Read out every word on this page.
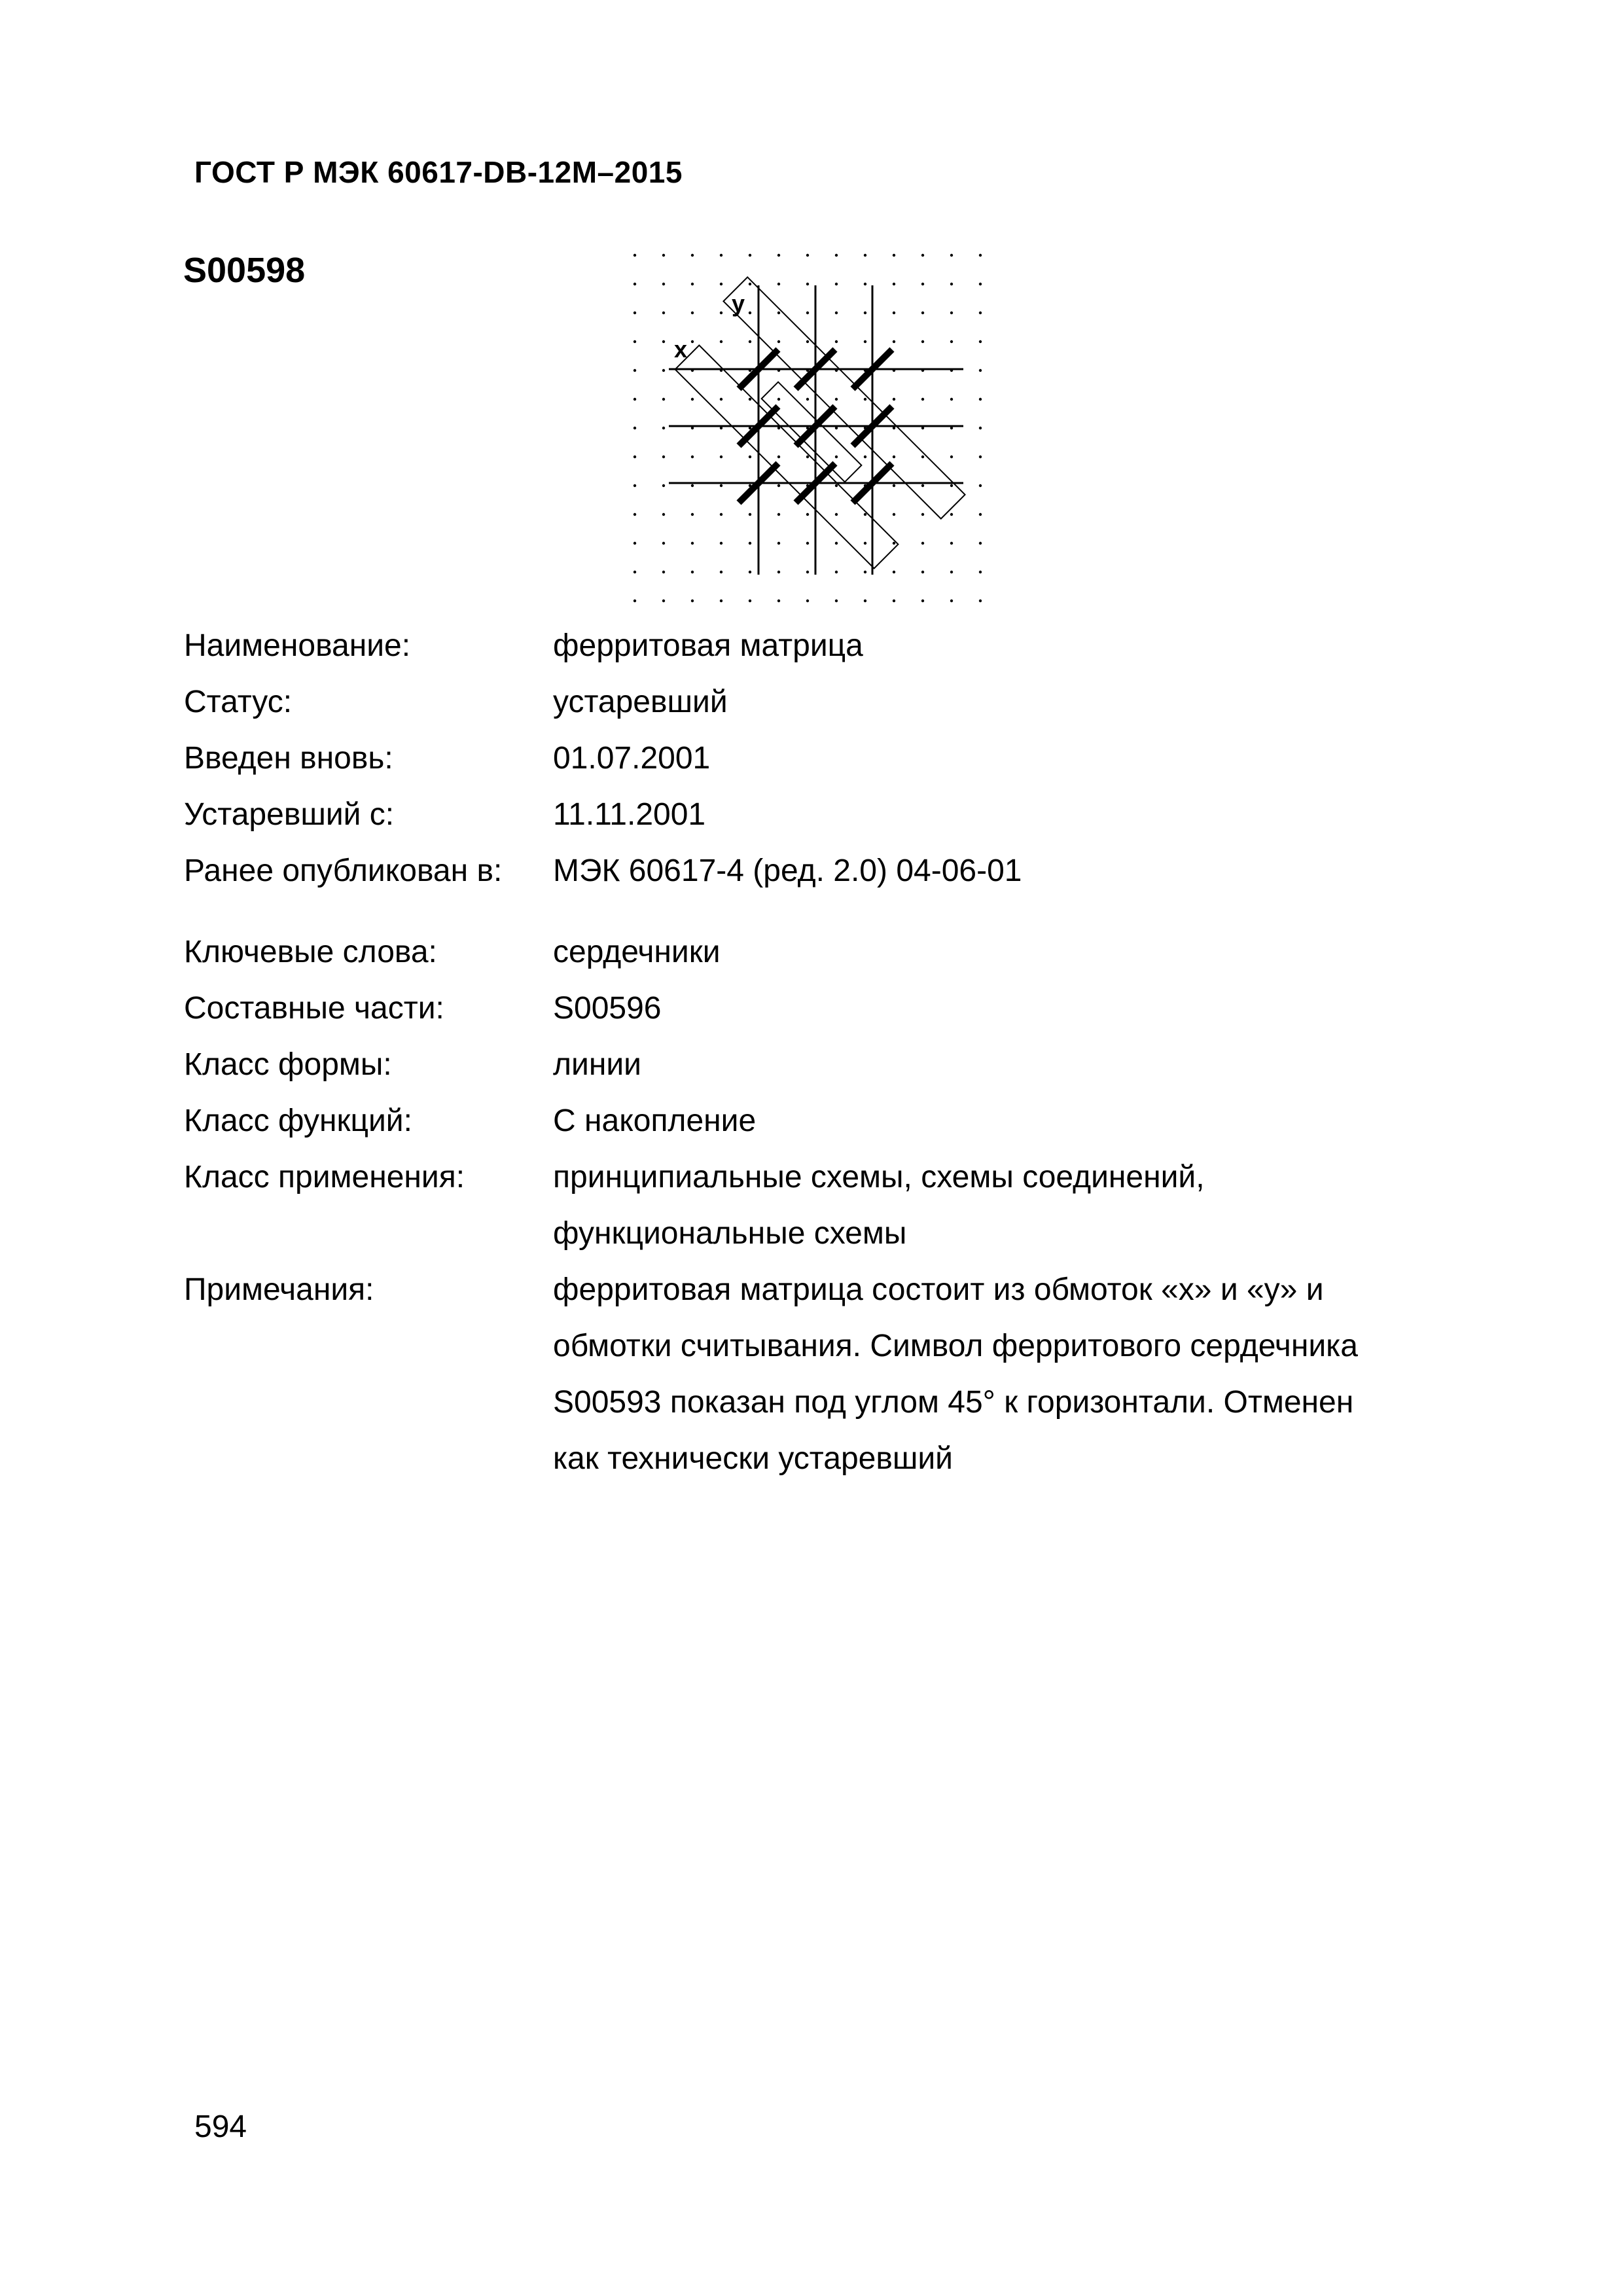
ГОСТ Р МЭК 60617-DB-12M–2015
S00598
x
y
Наименование:	ферритовая матрица
Статус:	устаревший
Введен вновь:	01.07.2001
Устаревший с:	11.11.2001
Ранее опубликован в: МЭК 60617-4 (ред. 2.0) 04-06-01
Ключевые слова:	сердечники
Составные части:	S00596
Класс формы:	линии
Класс функций:	С накопление
Класс применения:	принципиальные схемы, схемы соединений,
функциональные схемы
Примечания:	ферритовая матрица состоит из обмоток «x» и «y» и
обмотки считывания. Символ ферритового сердечника
S00593 показан под углом 45° к горизонтали. Отменен
как технически устаревший
594
